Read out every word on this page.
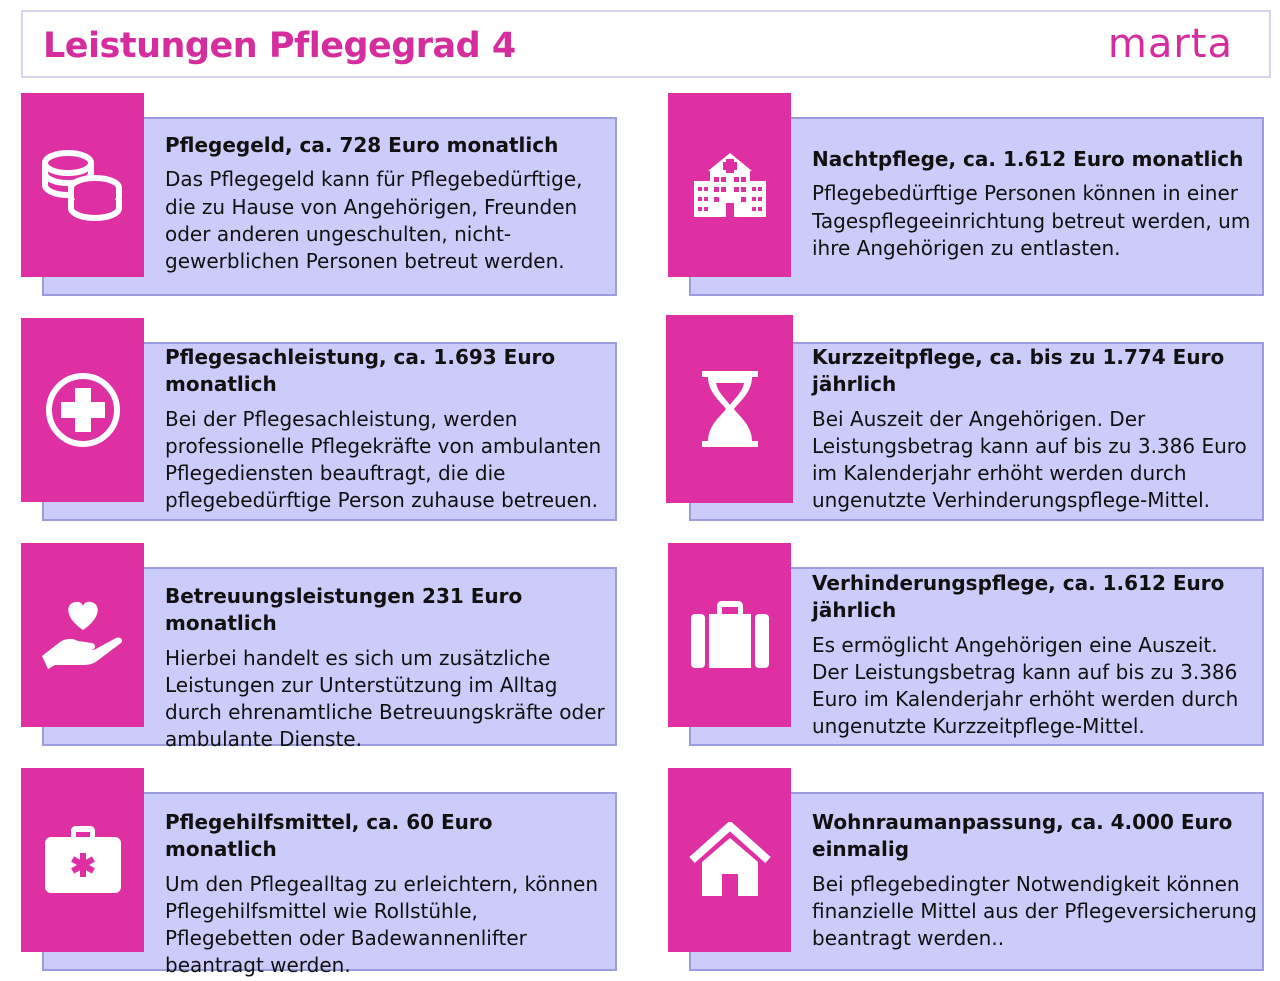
Leistungen Pflegegrad 4	marta

Pflegegeld, ca. 728 Euro monatlich

Das Pflegegeld kann für Pflegebedürftige, die zu Hause von Angehörigen, Freunden oder anderen ungeschulten, nicht-gewerblichen Personen betreut werden.

Nachtpflege, ca. 1.612 Euro monatlich

Pflegebedürftige Personen können in einer Tagespflegeeinrichtung betreut werden, um ihre Angehörigen zu entlasten.

Pflegesachleistung, ca. 1.693 Euro monatlich

Bei der Pflegesachleistung, werden professionelle Pflegekräfte von ambulanten Pflegediensten beauftragt, die die pflegebedürftige Person zuhause betreuen.

Kurzzeitpflege, ca. bis zu 1.774 Euro jährlich

Bei Auszeit der Angehörigen. Der Leistungsbetrag kann auf bis zu 3.386 Euro im Kalenderjahr erhöht werden durch ungenutzte Verhinderungspflege-Mittel.

Betreuungsleistungen 231 Euro monatlich

Hierbei handelt es sich um zusätzliche Leistungen zur Unterstützung im Alltag durch ehrenamtliche Betreuungskräfte oder ambulante Dienste.

Verhinderungspflege, ca. 1.612 Euro jährlich

Es ermöglicht Angehörigen eine Auszeit. Der Leistungsbetrag kann auf bis zu 3.386 Euro im Kalenderjahr erhöht werden durch ungenutzte Kurzzeitpflege-Mittel.

Pflegehilfsmittel, ca. 60 Euro monatlich

Um den Pflegealltag zu erleichtern, können Pflegehilfsmittel wie Rollstühle, Pflegebetten oder Badewannenlifter beantragt werden.

Wohnraumanpassung, ca. 4.000 Euro einmalig

Bei pflegebedingter Notwendigkeit können finanzielle Mittel aus der Pflegeversicherung beantragt werden..
